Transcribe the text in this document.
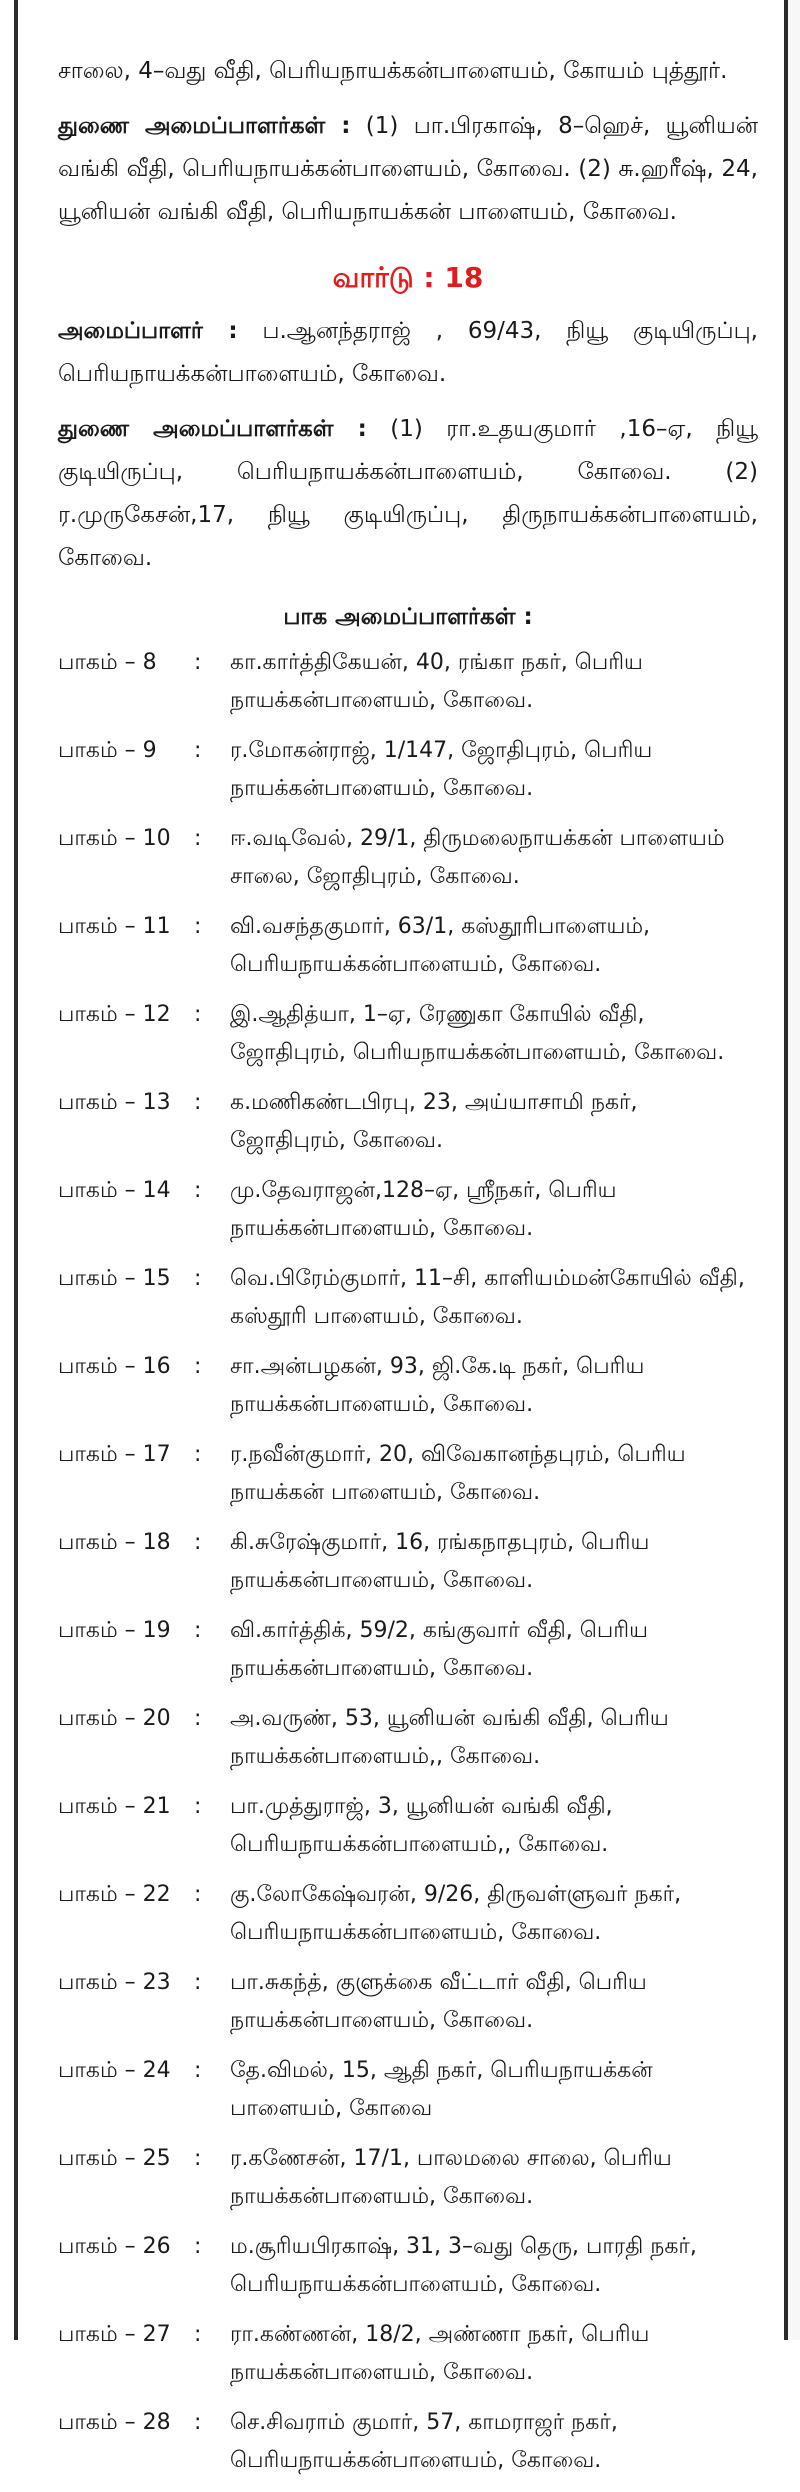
சாலை, 4–வது வீதி, பெரியநாயக்கன்பாளையம், கோயம் புத்தூர்.

துணை அமைப்பாளர்கள் : (1) பா.பிரகாஷ், 8–ஹெச், யூனியன் வங்கி வீதி, பெரியநாயக்கன்பாளையம், கோவை. (2) சு.ஹரீஷ், 24, யூனியன் வங்கி வீதி, பெரியநாயக்கன் பாளையம், கோவை.

வார்டு : 18

அமைப்பாளர் : ப.ஆனந்தராஜ் , 69/43, நியூ குடியிருப்பு, பெரியநாயக்கன்பாளையம், கோவை.

துணை அமைப்பாளர்கள் : (1) ரா.உதயகுமார் ,16–ஏ, நியூ குடியிருப்பு, பெரியநாயக்கன்பாளையம், கோவை. (2) ர.முருகேசன்,17, நியூ குடியிருப்பு, திருநாயக்கன்பாளையம், கோவை.

பாக அமைப்பாளர்கள் :
பாகம் – 8	:	கா.கார்த்திகேயன், 40, ரங்கா நகர், பெரிய நாயக்கன்பாளையம், கோவை.
பாகம் – 9	:	ர.மோகன்ராஜ், 1/147, ஜோதிபுரம், பெரிய நாயக்கன்பாளையம், கோவை.
பாகம் – 10	:	ஈ.வடிவேல், 29/1, திருமலைநாயக்கன் பாளையம் சாலை, ஜோதிபுரம், கோவை.
பாகம் – 11	:	வி.வசந்தகுமார், 63/1, கஸ்தூரிபாளையம், பெரியநாயக்கன்பாளையம், கோவை.
பாகம் – 12	:	இ.ஆதித்யா, 1–ஏ, ரேணுகா கோயில் வீதி, ஜோதிபுரம், பெரியநாயக்கன்பாளையம், கோவை.
பாகம் – 13	:	க.மணிகண்டபிரபு, 23, அய்யாசாமி நகர், ஜோதிபுரம், கோவை.
பாகம் – 14	:	மு.தேவராஜன்,128–ஏ, ஸ்ரீநகர், பெரிய நாயக்கன்பாளையம், கோவை.
பாகம் – 15	:	வெ.பிரேம்குமார், 11–சி, காளியம்மன்கோயில் வீதி, கஸ்தூரி பாளையம், கோவை.
பாகம் – 16	:	சா.அன்பழகன், 93, ஜி.கே.டி நகர், பெரிய நாயக்கன்பாளையம், கோவை.
பாகம் – 17	:	ர.நவீன்குமார், 20, விவேகானந்தபுரம், பெரிய நாயக்கன் பாளையம், கோவை.
பாகம் – 18	:	கி.சுரேஷ்குமார், 16, ரங்கநாதபுரம், பெரிய நாயக்கன்பாளையம், கோவை.
பாகம் – 19	:	வி.கார்த்திக், 59/2, கங்குவார் வீதி, பெரிய நாயக்கன்பாளையம், கோவை.
பாகம் – 20	:	அ.வருண், 53, யூனியன் வங்கி வீதி, பெரிய நாயக்கன்பாளையம்,, கோவை.
பாகம் – 21	:	பா.முத்துராஜ், 3, யூனியன் வங்கி வீதி, பெரியநாயக்கன்பாளையம்,, கோவை.
பாகம் – 22	:	கு.லோகேஷ்வரன், 9/26, திருவள்ளுவர் நகர், பெரியநாயக்கன்பாளையம், கோவை.
பாகம் – 23	:	பா.சுகந்த், குளுக்கை வீட்டார் வீதி, பெரிய நாயக்கன்பாளையம், கோவை.
பாகம் – 24	:	தே.விமல், 15, ஆதி நகர், பெரியநாயக்கன் பாளையம், கோவை
பாகம் – 25	:	ர.கணேசன், 17/1, பாலமலை சாலை, பெரிய நாயக்கன்பாளையம், கோவை.
பாகம் – 26	:	ம.சூரியபிரகாஷ், 31, 3–வது தெரு, பாரதி நகர், பெரியநாயக்கன்பாளையம், கோவை.
பாகம் – 27	:	ரா.கண்ணன், 18/2, அண்ணா நகர், பெரிய நாயக்கன்பாளையம், கோவை.
பாகம் – 28	:	செ.சிவராம் குமார், 57, காமராஜர் நகர், பெரியநாயக்கன்பாளையம், கோவை.
